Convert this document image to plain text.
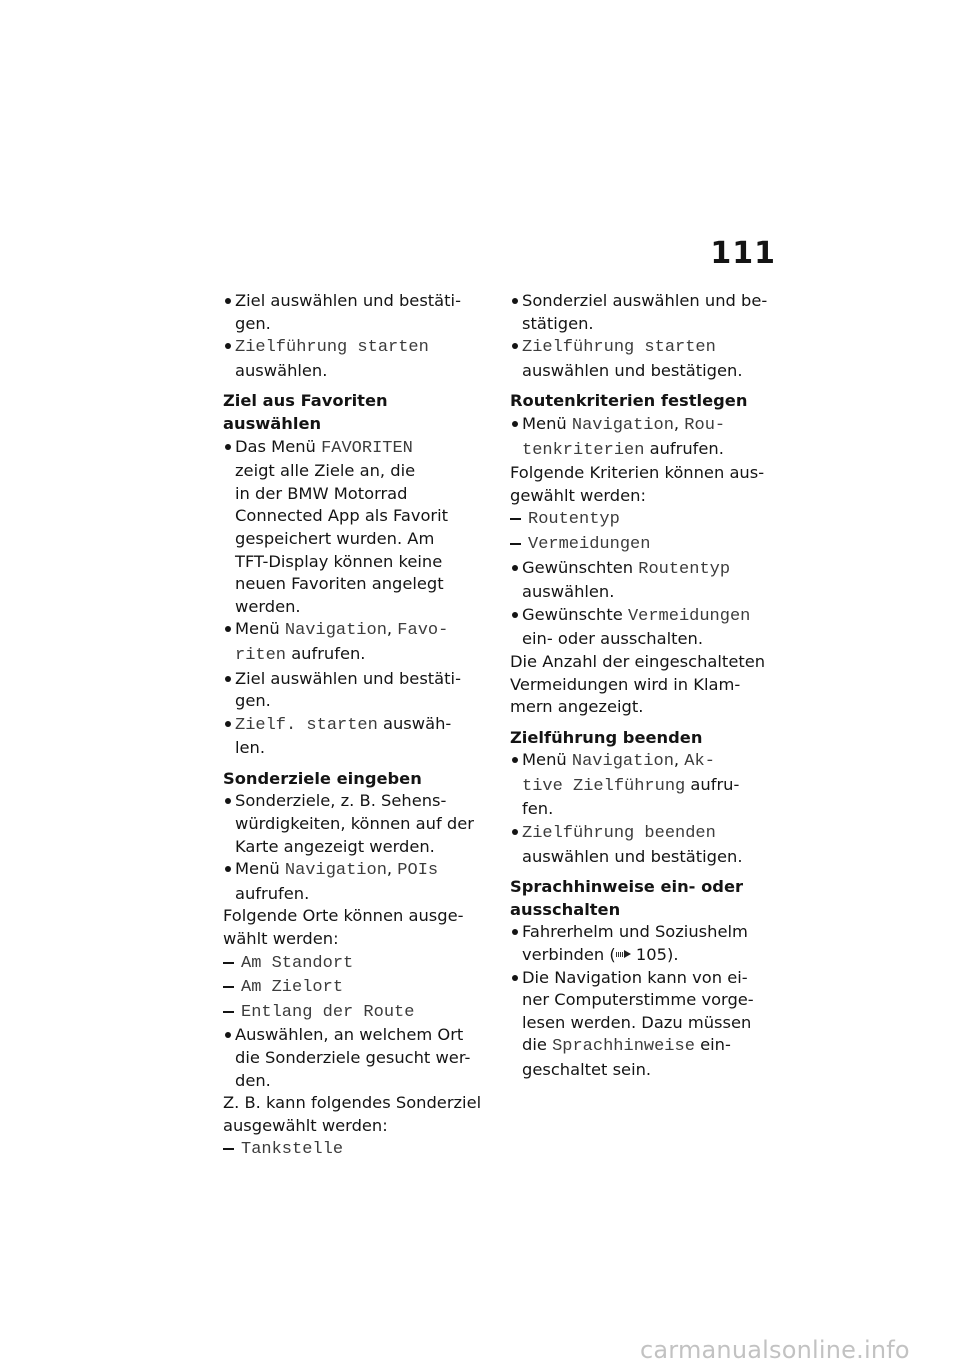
111
Ziel auswählen und bestäti-
gen.
Zielführung starten
auswählen.
Ziel aus Favoriten auswählen
Das Menü FAVORITEN
zeigt alle Ziele an, die
in der BMW Motorrad
Connected App als Favorit
gespeichert wurden. Am
TFT-Display können keine
neuen Favoriten angelegt
werden.
Menü Navigation, Favo-
riten aufrufen.
Ziel auswählen und bestäti-
gen.
Zielf. starten auswäh-
len.
Sonderziele eingeben
Sonderziele, z. B. Sehens-
würdigkeiten, können auf der
Karte angezeigt werden.
Menü Navigation, POIs
aufrufen.
Folgende Orte können ausge-
wählt werden:
Am Standort
Am Zielort
Entlang der Route
Auswählen, an welchem Ort
die Sonderziele gesucht wer-
den.
Z. B. kann folgendes Sonderziel
ausgewählt werden:
Tankstelle
Sonderziel auswählen und be-
stätigen.
Zielführung starten
auswählen und bestätigen.
Routenkriterien festlegen
Menü Navigation, Rou-
tenkriterien aufrufen.
Folgende Kriterien können aus-
gewählt werden:
Routentyp
Vermeidungen
Gewünschten Routentyp
auswählen.
Gewünschte Vermeidungen
ein- oder ausschalten.
Die Anzahl der eingeschalteten
Vermeidungen wird in Klam-
mern angezeigt.
Zielführung beenden
Menü Navigation, Ak-
tive Zielführung aufru-
fen.
Zielführung beenden
auswählen und bestätigen.
Sprachhinweise ein- oder
ausschalten
Fahrerhelm und Soziushelm
verbinden ( 105).
Die Navigation kann von ei-
ner Computerstimme vorge-
lesen werden. Dazu müssen
die Sprachhinweise ein-
geschaltet sein.
carmanualsonline.info
